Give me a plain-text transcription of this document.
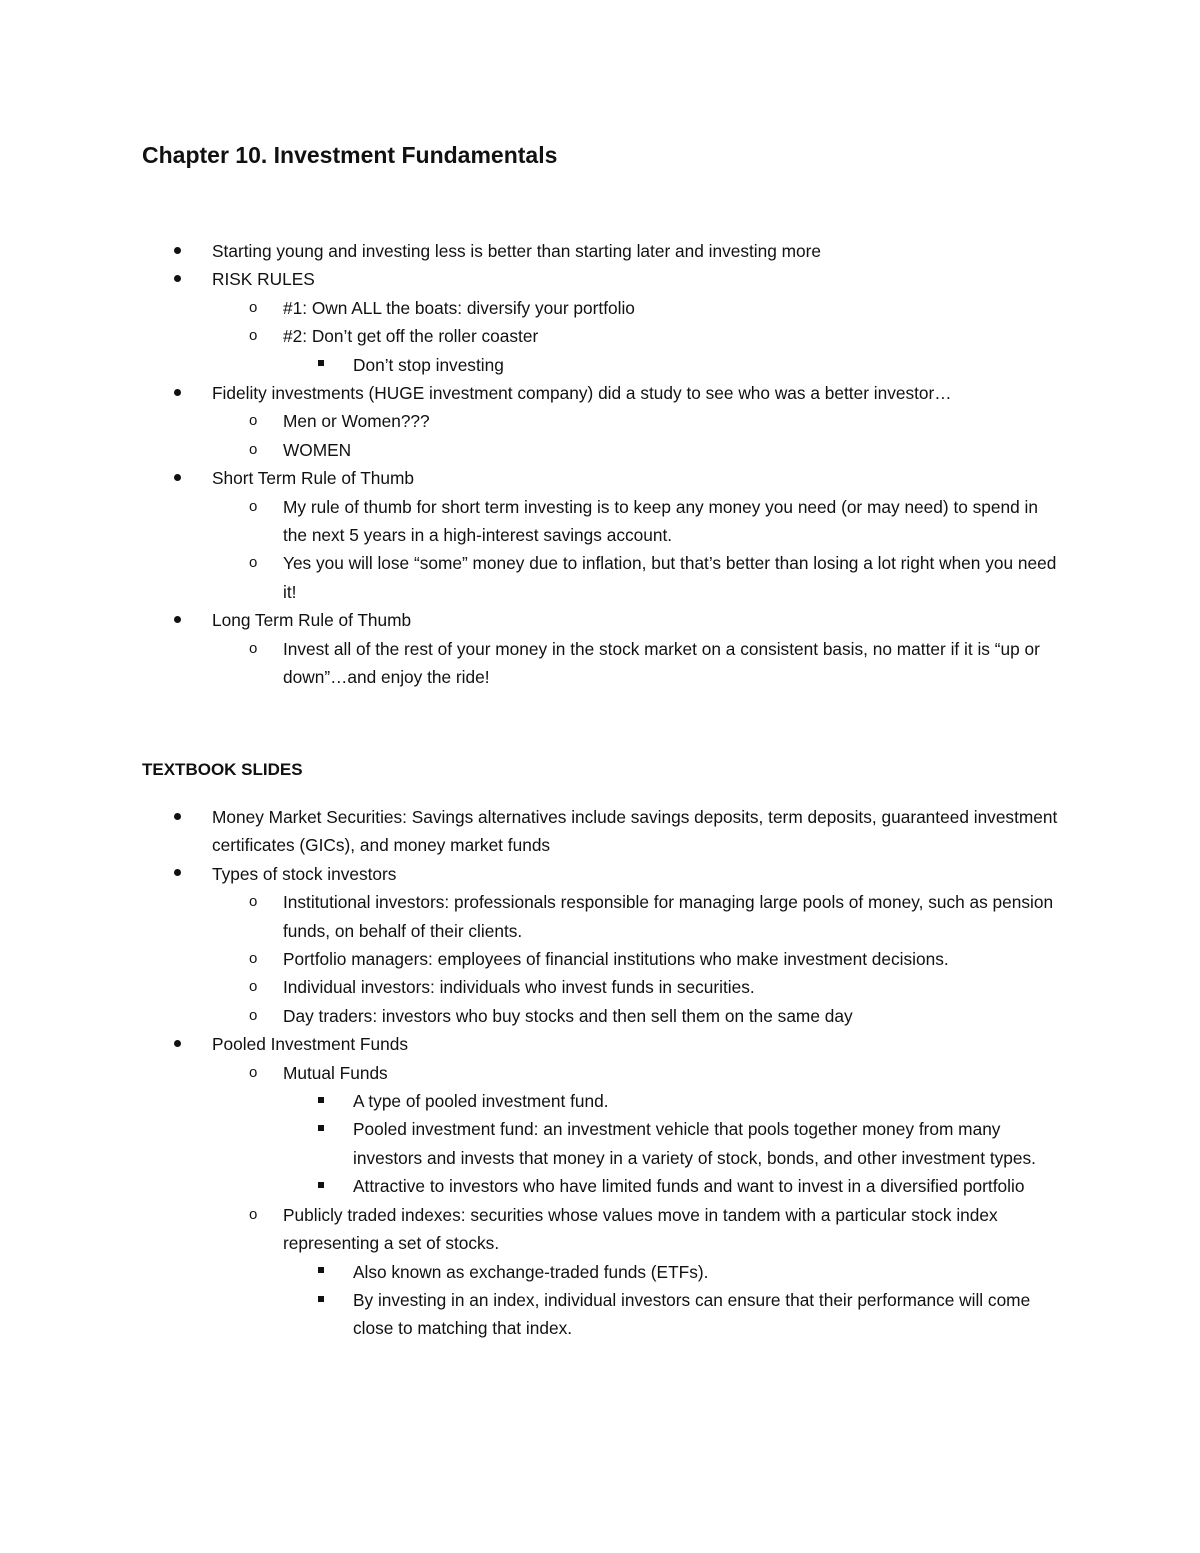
Chapter 10. Investment Fundamentals
Starting young and investing less is better than starting later and investing more
RISK RULES
o #1: Own ALL the boats: diversify your portfolio
o #2: Don’t get off the roller coaster
Don’t stop investing
Fidelity investments (HUGE investment company) did a study to see who was a better investor…
o Men or Women???
o WOMEN
Short Term Rule of Thumb
o My rule of thumb for short term investing is to keep any money you need (or may need) to spend in the next 5 years in a high-interest savings account.
o Yes you will lose “some” money due to inflation, but that’s better than losing a lot right when you need it!
Long Term Rule of Thumb
o Invest all of the rest of your money in the stock market on a consistent basis, no matter if it is “up or down”…and enjoy the ride!
TEXTBOOK SLIDES
Money Market Securities: Savings alternatives include savings deposits, term deposits, guaranteed investment certificates (GICs), and money market funds
Types of stock investors
o Institutional investors: professionals responsible for managing large pools of money, such as pension funds, on behalf of their clients.
o Portfolio managers: employees of financial institutions who make investment decisions.
o Individual investors: individuals who invest funds in securities.
o Day traders: investors who buy stocks and then sell them on the same day
Pooled Investment Funds
o Mutual Funds
A type of pooled investment fund.
Pooled investment fund: an investment vehicle that pools together money from many investors and invests that money in a variety of stock, bonds, and other investment types.
Attractive to investors who have limited funds and want to invest in a diversified portfolio
o Publicly traded indexes: securities whose values move in tandem with a particular stock index representing a set of stocks.
Also known as exchange-traded funds (ETFs).
By investing in an index, individual investors can ensure that their performance will come close to matching that index.
